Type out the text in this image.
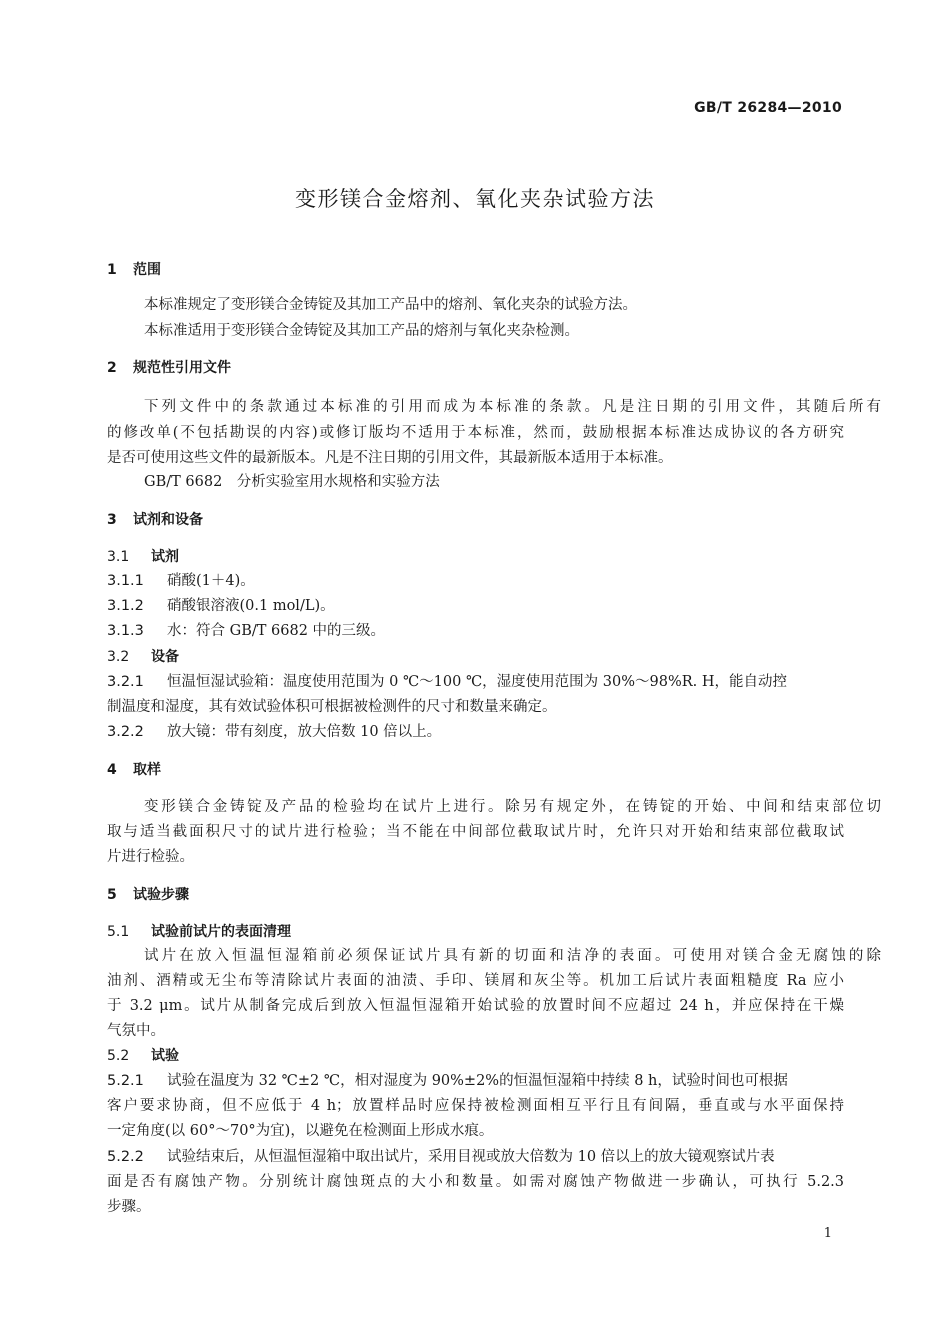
GB/T 26284—2010
变形镁合金熔剂、氧化夹杂试验方法
1 范围
本标准规定了变形镁合金铸锭及其加工产品中的熔剂、氧化夹杂的试验方法。
本标准适用于变形镁合金铸锭及其加工产品的熔剂与氧化夹杂检测。
2 规范性引用文件
下列文件中的条款通过本标准的引用而成为本标准的条款。凡是注日期的引用文件，其随后所有
的修改单(不包括勘误的内容)或修订版均不适用于本标准，然而，鼓励根据本标准达成协议的各方研究
是否可使用这些文件的最新版本。凡是不注日期的引用文件，其最新版本适用于本标准。
GB/T 6682　分析实验室用水规格和实验方法
3 试剂和设备
3.1 试剂
3.1.1 硝酸(1＋4)。
3.1.2 硝酸银溶液(0.1 mol/L)。
3.1.3 水：符合 GB/T 6682 中的三级。
3.2 设备
3.2.1 恒温恒湿试验箱：温度使用范围为 0 ℃～100 ℃，湿度使用范围为 30%～98%R. H，能自动控
制温度和湿度，其有效试验体积可根据被检测件的尺寸和数量来确定。
3.2.2 放大镜：带有刻度，放大倍数 10 倍以上。
4 取样
变形镁合金铸锭及产品的检验均在试片上进行。除另有规定外，在铸锭的开始、中间和结束部位切
取与适当截面积尺寸的试片进行检验；当不能在中间部位截取试片时，允许只对开始和结束部位截取试
片进行检验。
5 试验步骤
5.1 试验前试片的表面清理
试片在放入恒温恒湿箱前必须保证试片具有新的切面和洁净的表面。可使用对镁合金无腐蚀的除
油剂、酒精或无尘布等清除试片表面的油渍、手印、镁屑和灰尘等。机加工后试片表面粗糙度 Ra 应小
于 3.2 μm。试片从制备完成后到放入恒温恒湿箱开始试验的放置时间不应超过 24 h，并应保持在干燥
气氛中。
5.2 试验
5.2.1 试验在温度为 32 ℃±2 ℃，相对湿度为 90%±2%的恒温恒湿箱中持续 8 h，试验时间也可根据
客户要求协商，但不应低于 4 h；放置样品时应保持被检测面相互平行且有间隔，垂直或与水平面保持
一定角度(以 60°～70°为宜)，以避免在检测面上形成水痕。
5.2.2 试验结束后，从恒温恒湿箱中取出试片，采用目视或放大倍数为 10 倍以上的放大镜观察试片表
面是否有腐蚀产物。分别统计腐蚀斑点的大小和数量。如需对腐蚀产物做进一步确认，可执行 5.2.3
步骤。
1
